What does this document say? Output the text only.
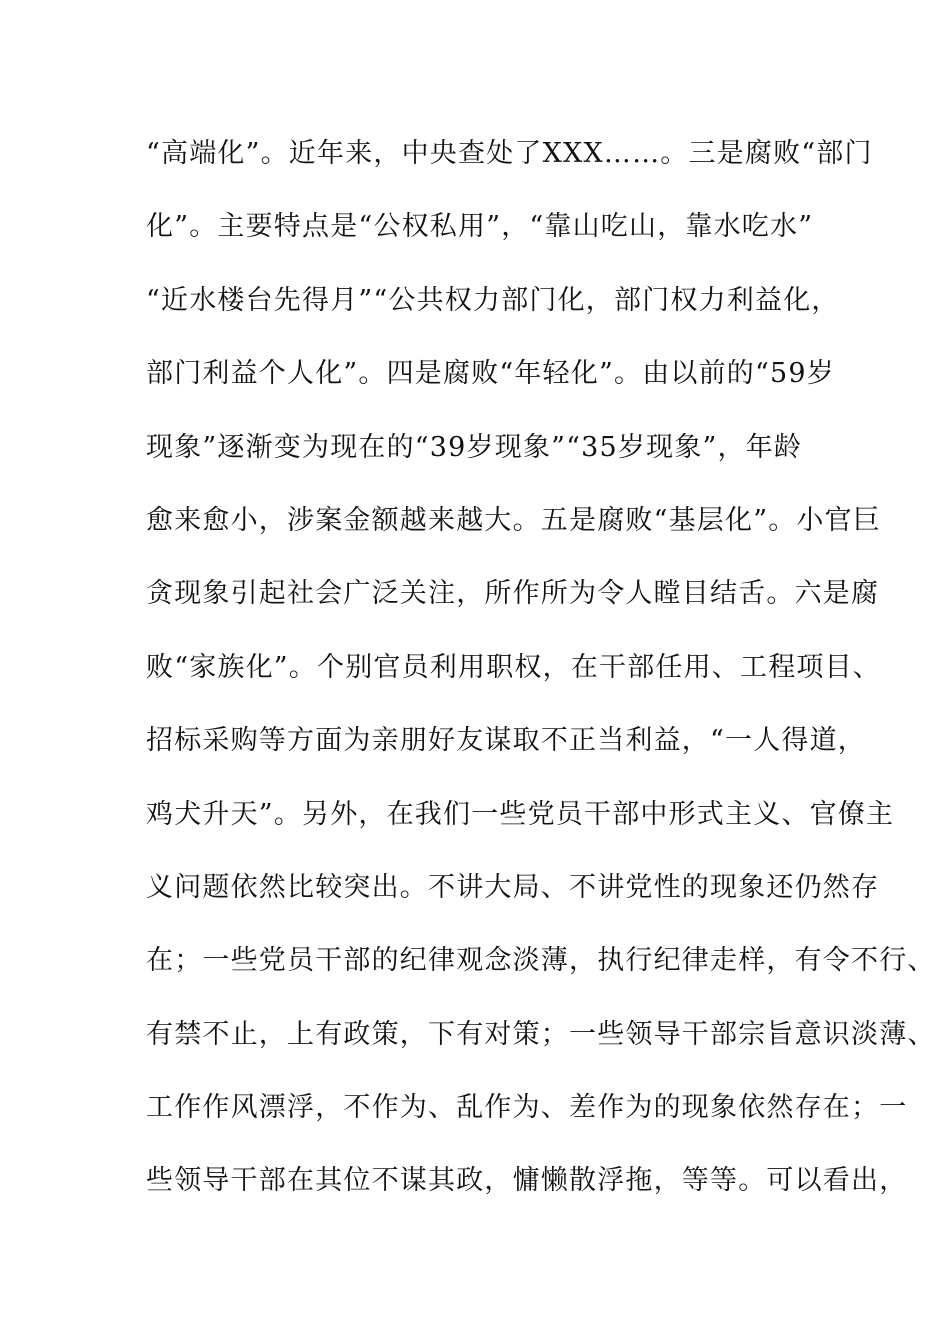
“高端化”。近年来，中央查处了XXX……。三是腐败“部门
化”。主要特点是“公权私用”，“靠山吃山，靠水吃水”
“近水楼台先得月”“公共权力部门化，部门权力利益化，
部门利益个人化”。四是腐败“年轻化”。由以前的“59岁
现象”逐渐变为现在的“39岁现象”“35岁现象”，年龄
愈来愈小，涉案金额越来越大。五是腐败“基层化”。小官巨
贪现象引起社会广泛关注，所作所为令人瞠目结舌。六是腐
败“家族化”。个别官员利用职权，在干部任用、工程项目、
招标采购等方面为亲朋好友谋取不正当利益，“一人得道，
鸡犬升天”。另外，在我们一些党员干部中形式主义、官僚主
义问题依然比较突出。不讲大局、不讲党性的现象还仍然存
在；一些党员干部的纪律观念淡薄，执行纪律走样，有令不行、
有禁不止，上有政策，下有对策；一些领导干部宗旨意识淡薄、
工作作风漂浮，不作为、乱作为、差作为的现象依然存在；一
些领导干部在其位不谋其政，慵懒散浮拖，等等。可以看出，
